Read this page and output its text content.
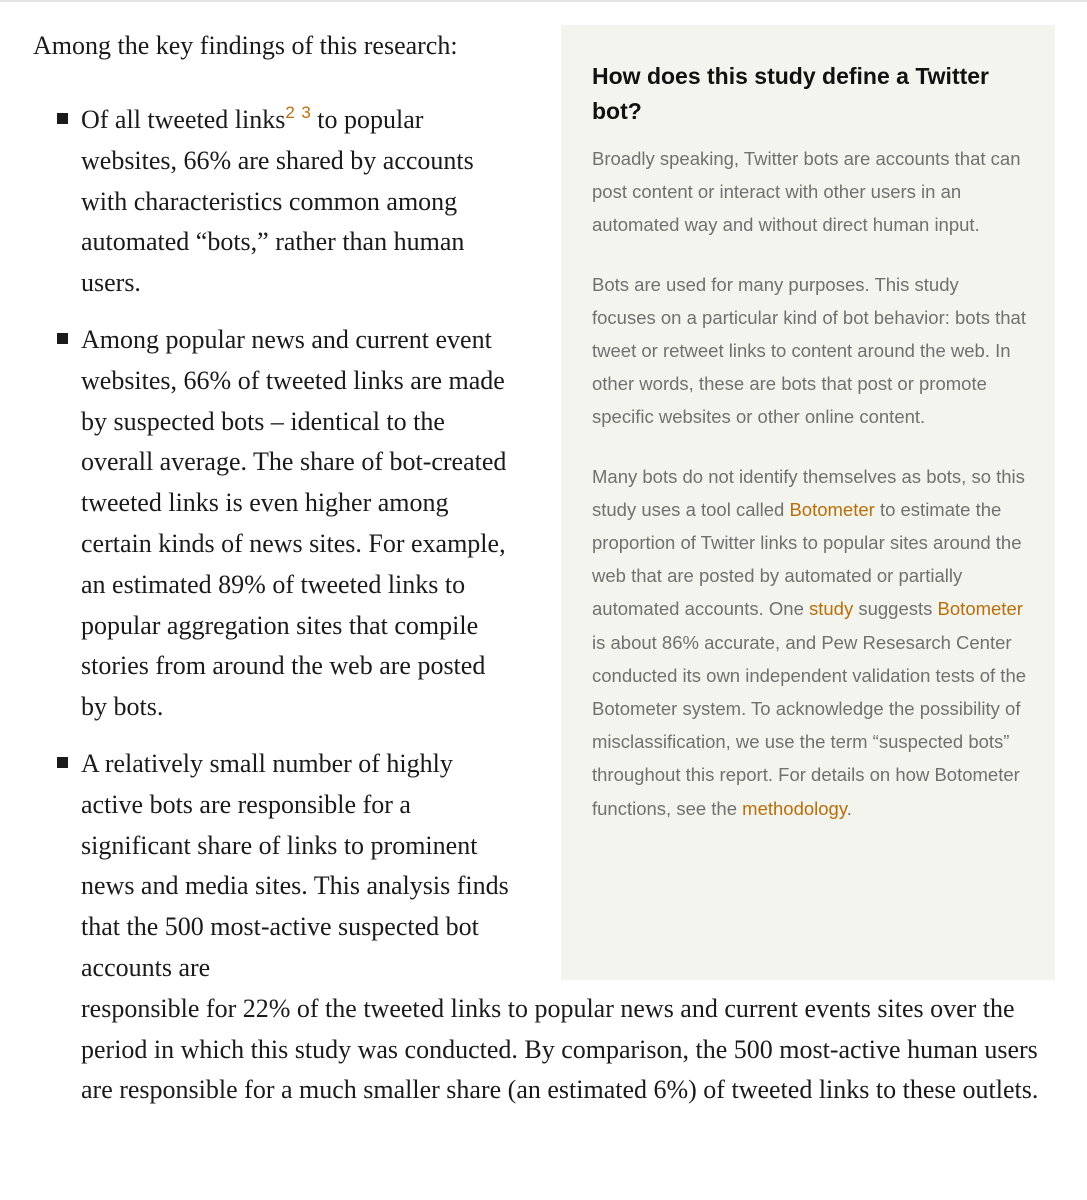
Among the key findings of this research:

How does this study define a Twitter bot?

Broadly speaking, Twitter bots are accounts that can post content or interact with other users in an automated way and without direct human input.

Bots are used for many purposes. This study focuses on a particular kind of bot behavior: bots that tweet or retweet links to content around the web. In other words, these are bots that post or promote specific websites or other online content.

Many bots do not identify themselves as bots, so this study uses a tool called Botometer to estimate the proportion of Twitter links to popular sites around the web that are posted by automated or partially automated accounts. One study suggests Botometer is about 86% accurate, and Pew Resesarch Center conducted its own independent validation tests of the Botometer system. To acknowledge the possibility of misclassification, we use the term “suspected bots” throughout this report. For details on how Botometer functions, see the methodology.

Of all tweeted links$^2$ $^3$ to popular websites, 66% are shared by accounts with characteristics common among automated “bots,” rather than human users.
Among popular news and current event websites, 66% of tweeted links are made by suspected bots – identical to the overall average. The share of bot-created tweeted links is even higher among certain kinds of news sites. For example, an estimated 89% of tweeted links to popular aggregation sites that compile stories from around the web are posted by bots.
A relatively small number of highly active bots are responsible for a significant share of links to prominent news and media sites. This analysis finds that the 500 most-active suspected bot accounts are
responsible for 22% of the tweeted links to popular news and current events sites over the period in which this study was conducted. By comparison, the 500 most-active human users are responsible for a much smaller share (an estimated 6%) of tweeted links to these outlets.
